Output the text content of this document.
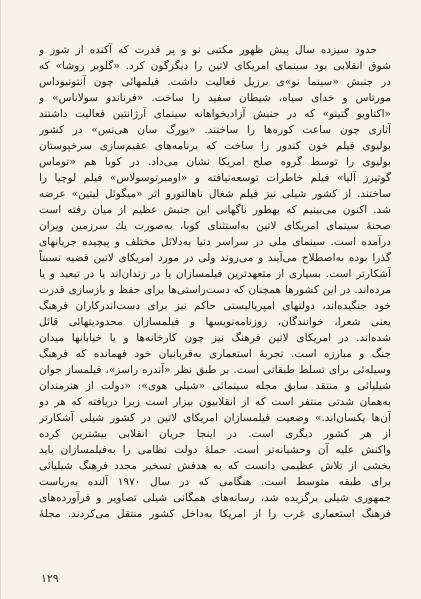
حدود سیزده سال پیش ظهور مکتبی نو و پر قدرت که آکنده از شور و
شوق انقلابی بود سینمای امریکای لاتین را دیگرگون کرد. «گلوبر روشا» که
در جنبش «سینما نو»ی برزیل فعالیت داشت. فیلمهائی چون آنتونیوداس
مورتاس و خدای سیاه، شیطان سفید را ساخت. «فرناندو سولاناس» و
«اکتاویو گتینو» که در جنبش آزادیخواهانه سینمای آرژانتین فعالیت داشتند
آثاری چون ساعت کوره‌ها را ساختند. «یورگ سان هی‌نس» در کشور
بولیوی فیلم خون کندور را ساخت که برنامه‌های عقیم‌سازی سرخپوستان
بولیوی را توسط گروه صلح امریکا نشان می‌داد. در کوبا هم «توماس
گوتیرز آلیا» فیلم خاطرات توسعه‌نیافته و «اومبرتوسولاس» فیلم لوچیا را
ساختند. از کشور شیلی نیز فیلم شغال ناهالتورو اثر «میگوئل لیتین» عرضه
شد. اکنون می‌بینیم که بهطور ناگهانی این جنبش عظیم از میان رفته است
صحنهٔ سینمای امریکای لاتین به‌استثنای کوبا، به‌صورت یك سرزمین ویران
درآمده است. سینمای ملی در سراسر دنیا به‌دلائل مختلف و پیچیده جریانهای
گذرا بوده به‌اصطلاح می‌آیند و می‌روند ولی در مورد امریکای لاتین قضیه نسبتاً
آشکارتر است. بسیاری از متعهدترین فیلمسازان یا در زندان‌اند یا در تبعید و یا
مرده‌اند. در این کشورها همچنان که دست‌راستی‌ها برای حفظ و بازسازی قدرت
خود جنگیده‌اند، دولتهای امپریالیستی حاکم نیز برای دست‌اندرکاران فرهنگ
یعنی شعرا، خوانندگان، روزنامه‌نویسها و فیلمسازان محدودیتهائی قائل
شده‌اند. در امریکای لاتین فرهنگ نیز چون کارخانه‌ها و یا خیابانها میدان
جنگ و مبارزه است. تجربهٔ استعماری به‌قربانیان خود فهمانده که فرهنگ
وسیله‌ئی برای تسلط طبقاتی است. بر طبق نظر «آندره راسز»، فیلمساز جوان
شیلیائی و منتقد سابق مجله سینمائی «شیلی هوی»: «دولت از هنرمندان
به‌همان شدتی منتفر است که از انقلابیون بیزار است زیرا دریافته که هر دو
آن‌ها یکسان‌اند.» وضعیت فیلمسازان امریکای لاتین در کشور شیلی آشکارتر
از هر کشور دیگری است. در اینجا جریان انقلابی بیشترین کرده
واکنش علیه آن وحشیانه‌تر است. حملهٔ دولت نظامی را به‌فیلمسازان باید
بخشی از تلاش عظیمی دانست که به هدفش تسخیر مجدد فرهنگ شیلیائی
برای طبقه متوسط است. هنگامی که در سال ۱۹۷۰ آلنده به‌ریاست
جمهوری شیلی برگزیده شد، رسانه‌های همگانی شیلی تصاویر و فرآورده‌های
فرهنگ استعماری غرب را از امریکا به‌داخل کشور منتقل می‌کردند. مجلهٔ
۱۲۹
